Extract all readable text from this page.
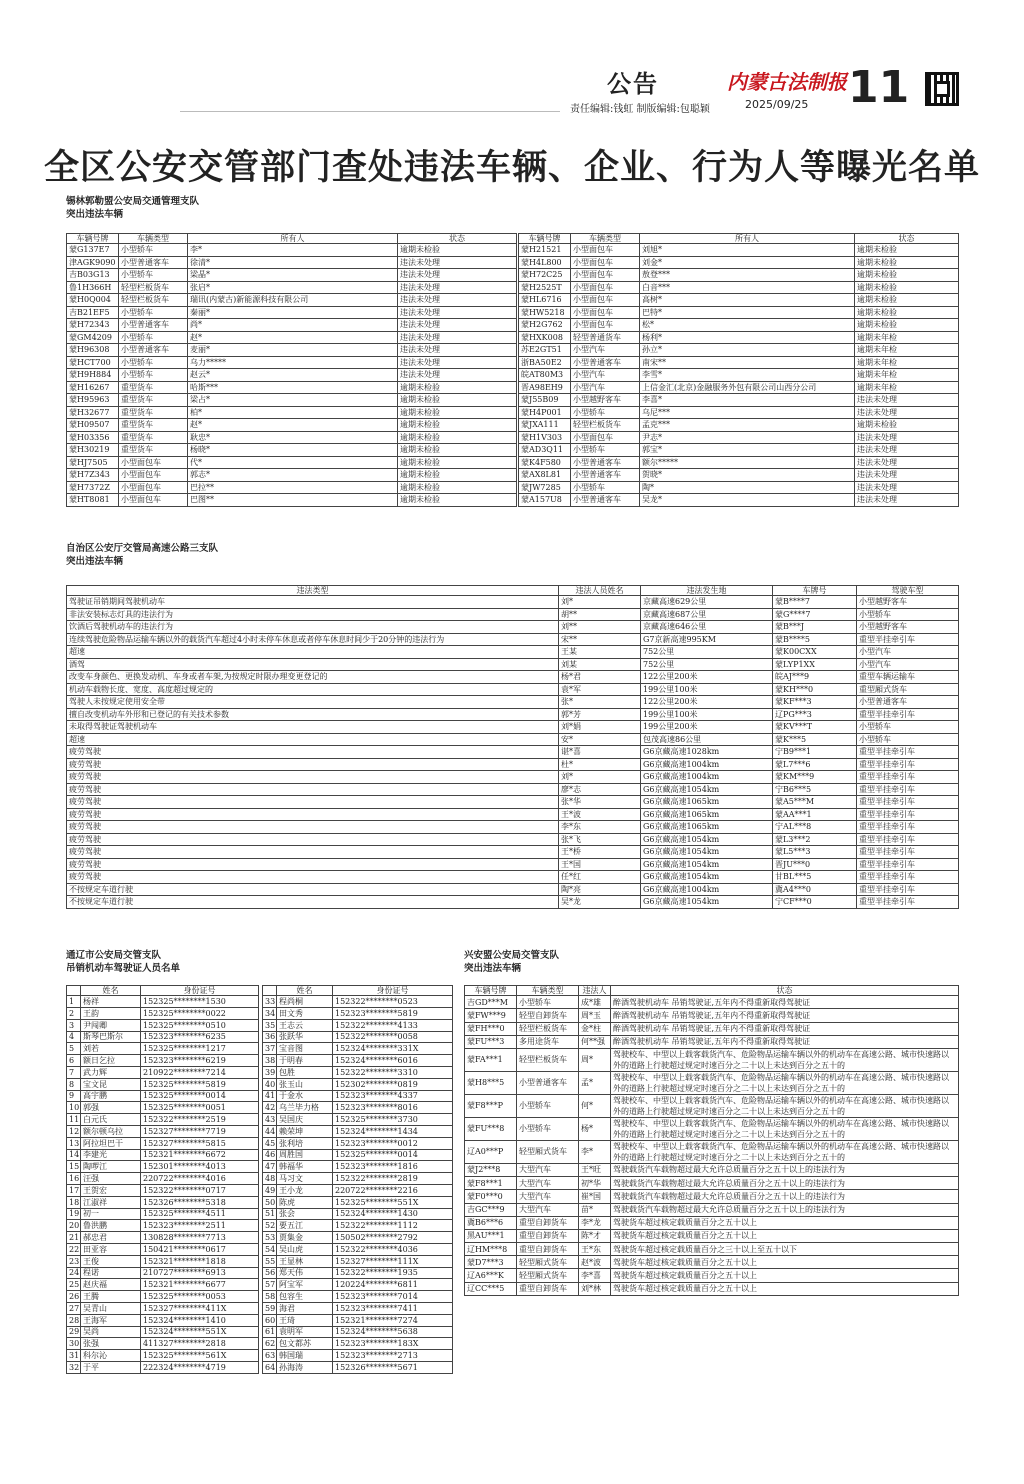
公告	内蒙古法制报 11
责任编辑:钱虹 制版编辑:包聪颖	2025/09/25
全区公安交管部门查处违法车辆、企业、行为人等曝光名单
锡林郭勒盟公安局交通管理支队
突出违法车辆
车辆号牌	车辆类型	所有人	状态
蒙G137E7	小型轿车	李*	逾期未检验
津AGK9090	小型普通客车	徐清*	违法未处理
吉B03G13	小型轿车	梁晶*	违法未处理
鲁1H366H	轻型栏板货车	张启*	违法未处理
蒙H0Q004	轻型栏板货车	瑞讯(内蒙古)新能源科技有限公司	违法未处理
吉B21EF5	小型轿车	秦丽*	违法未处理
蒙H72343	小型普通客车	尚*	违法未处理
蒙GM4209	小型轿车	赵*	违法未处理
蒙H96308	小型普通客车	麦丽*	违法未处理
蒙HCT700	小型轿车	乌力*****	违法未处理
蒙H9H884	小型轿车	赵云*	违法未处理
蒙H16267	重型货车	哈斯***	逾期未检验
蒙H95963	重型货车	梁占*	逾期未检验
蒙H32677	重型货车	柏*	逾期未检验
蒙H09507	重型货车	赵*	逾期未检验
蒙H03356	重型货车	耿忠*	逾期未检验
蒙H30219	重型货车	杨晓*	逾期未检验
蒙HJ7505	小型面包车	代*	逾期未检验
蒙H7Z343	小型面包车	郭志*	逾期未检验
蒙H7372Z	小型面包车	巴拉**	逾期未检验
蒙HT8081	小型面包车	巴图**	逾期未检验
车辆号牌	车辆类型	所有人	状态
蒙H21521	小型面包车	刘旭*	逾期未检验
蒙H4L800	小型面包车	刘金*	逾期未检验
蒙H72C25	小型面包车	敖登***	逾期未检验
蒙H2525T	小型面包车	白音***	逾期未检验
蒙HL6716	小型面包车	高树*	逾期未检验
蒙HW5218	小型面包车	巴特*	逾期未检验
蒙H2G762	小型面包车	松*	逾期未检验
蒙HXK008	轻型普通货车	杨利*	逾期未年检
苏E2GT51	小型汽车	孙立*	逾期未年检
浙BA50E2	小型普通客车	南宋**	逾期未年检
皖AT80M3	小型汽车	李雪*	逾期未年检
晋A98EH9	小型汽车	上信金汇(北京)金融服务外包有限公司山西分公司	逾期未年检
蒙J55B09	小型越野客车	李喜*	违法未处理
蒙H4P001	小型轿车	乌尼***	违法未处理
蒙JXA111	轻型栏板货车	孟克***	逾期未检验
蒙H1V303	小型面包车	尹志*	违法未处理
蒙AD3Q11	小型轿车	郭宝*	违法未处理
蒙K4F580	小型普通客车	额尔*****	违法未处理
蒙AX8L81	小型普通客车	贺晓*	违法未处理
蒙JW7285	小型轿车	陶*	违法未处理
蒙A157U8	小型普通客车	吴龙*	违法未处理
自治区公安厅交管局高速公路三支队
突出违法车辆
违法类型	违法人员姓名	违法发生地	车牌号	驾驶车型
驾驶证吊销期间驾驶机动车	刘*	京藏高速629公里	蒙B****7	小型越野客车
非法安装标志灯具的违法行为	胡**	京藏高速687公里	蒙G****7	小型轿车
饮酒后驾驶机动车的违法行为	刘**	京藏高速646公里	蒙B***J	小型越野客车
连续驾驶危险物品运输车辆以外的载货汽车超过4小时未停车休息或者停车休息时间少于20分钟的违法行为	宋**	G7京新高速995KM	蒙B****5	重型半挂牵引车
超速	王某	752公里	蒙K00CXX	小型汽车
酒驾	刘某	752公里	蒙LYP1XX	小型汽车
改变车身颜色、更换发动机、车身或者车架,为按规定时限办理变更登记的	杨*君	122公里200米	皖AJ***9	重型车辆运输车
机动车载物长度、宽度、高度超过规定的	袁*军	199公里100米	蒙KH***0	重型厢式货车
驾驶人未按规定使用安全带	张*	122公里200米	蒙KF***3	小型普通客车
擅自改变机动车外形和已登记的有关技术参数	郭*芳	199公里100米	辽PG***3	重型半挂牵引车
未取得驾驶证驾驶机动车	刘*娟	199公里200米	蒙KV***T	小型轿车
超速	安*	包茂高速86公里	蒙K***5	小型轿车
疲劳驾驶	谌*喜	G6京藏高速1028km	宁B9***1	重型半挂牵引车
疲劳驾驶	杜*	G6京藏高速1004km	蒙L7***6	重型半挂牵引车
疲劳驾驶	刘*	G6京藏高速1004km	蒙KM***9	重型半挂牵引车
疲劳驾驶	廖*志	G6京藏高速1054km	宁B6***5	重型半挂牵引车
疲劳驾驶	张*华	G6京藏高速1065km	蒙A5***M	重型半挂牵引车
疲劳驾驶	王*波	G6京藏高速1065km	蒙AA***1	重型半挂牵引车
疲劳驾驶	李*东	G6京藏高速1065km	宁AL***8	重型半挂牵引车
疲劳驾驶	张*飞	G6京藏高速1054km	蒙L3***2	重型半挂牵引车
疲劳驾驶	王*桥	G6京藏高速1054km	蒙L5***3	重型半挂牵引车
疲劳驾驶	王*国	G6京藏高速1054km	晋JU***0	重型半挂牵引车
疲劳驾驶	任*红	G6京藏高速1054km	甘BL***5	重型半挂牵引车
不按规定车道行驶	陶*亮	G6京藏高速1004km	冀A4***0	重型半挂牵引车
不按规定车道行驶	吴*龙	G6京藏高速1054km	宁CF***0	重型半挂牵引车
通辽市公安局交管支队
吊销机动车驾驶证人员名单
	姓名	身份证号
1	杨祥	152325********1530
2	王韵	152325********0022
3	尹闯卿	152325********0510
4	斯琴巴斯尔	152323********6235
5	刘若	152325********1217
6	额日乞拉	152323********6219
7	武力辉	210922********7214
8	宝文昆	152325********5819
9	高宇鹏	152325********0014
10	郭强	152325********0051
11	白元氏	152322********2519
12	额尔顿乌拉	152327********7719
13	阿拉坦巴干	152327********5815
14	李建光	152321********6672
15	陶啰江	152301********4013
16	汪强	220722********4016
17	王贺宏	152322********0717
18	江淑祥	152326********5318
19	初一	152325********4511
20	鲁洪鹏	152323********2511
21	郝忠君	130828********7713
22	田亚容	150421********0617
23	王俊	152321********1818
24	程诺	210727********6913
25	赵庆福	152321********6677
26	王腾	152325********0053
27	吴青山	152327********411X
28	王海军	152324********1410
29	吴尚	152324********551X
30	张强	411327********2818
31	科尔沁	152325********561X
32	于平	222324********4719
	姓名	身份证号
33	程尚桐	152322********0523
34	田文秀	152323********5819
35	王志云	152322********4133
36	张跃华	152322********0058
37	宝音图	152324********331X
38	于明春	152324********6016
39	包胜	152322********3310
40	张玉山	152302********0819
41	于金水	152323********4337
42	乌兰毕力格	152323********8016
43	吴国庆	152325********3730
44	赖荣坤	152324********1434
45	张利培	152323********0012
46	周胜国	152325********0014
47	韩福华	152323********1816
48	马习文	152322********2819
49	王小龙	220722********2216
50	陈虎	152325********551X
51	张会	152324********1430
52	要五江	152322********1112
53	贾集金	150502********2792
54	吴山虎	152322********4036
55	王显林	152327********111X
56	郑天伟	152322********1935
57	阿宝军	120224********6811
58	包容生	152323********7014
59	海君	152323********7411
60	王琦	152321********7274
61	袁明军	152324********5638
62	包文都苏	152323********183X
63	韩国瑞	152323********2713
64	孙海涛	152326********5671
兴安盟公安局交管支队
突出违法车辆
车辆号牌	车辆类型	违法人	状态
吉GD***M	小型轿车	成*雄	醉酒驾驶机动车 吊销驾驶证,五年内不得重新取得驾驶证
蒙FW***9	轻型自卸货车	周*玉	醉酒驾驶机动车 吊销驾驶证,五年内不得重新取得驾驶证
蒙FH***0	轻型栏板货车	金*柱	醉酒驾驶机动车 吊销驾驶证,五年内不得重新取得驾驶证
蒙FU***3	多用途货车	何**强	醉酒驾驶机动车 吊销驾驶证,五年内不得重新取得驾驶证
蒙FA***1	轻型栏板货车	周*	驾驶校车、中型以上载客载货汽车、危险物品运输车辆以外的机动车在高速公路、城市快速路以外的道路上行驶超过规定时速百分之二十以上未达到百分之五十的
蒙H8***5	小型普通客车	孟*	驾驶校车、中型以上载客载货汽车、危险物品运输车辆以外的机动车在高速公路、城市快速路以外的道路上行驶超过规定时速百分之二十以上未达到百分之五十的
蒙F8***P	小型轿车	何*	驾驶校车、中型以上载客载货汽车、危险物品运输车辆以外的机动车在高速公路、城市快速路以外的道路上行驶超过规定时速百分之二十以上未达到百分之五十的
蒙FU***8	小型轿车	杨*	驾驶校车、中型以上载客载货汽车、危险物品运输车辆以外的机动车在高速公路、城市快速路以外的道路上行驶超过规定时速百分之二十以上未达到百分之五十的
辽A0***P	轻型厢式货车	李*	驾驶校车、中型以上载客载货汽车、危险物品运输车辆以外的机动车在高速公路、城市快速路以外的道路上行驶超过规定时速百分之二十以上未达到百分之五十的
蒙J2***8	大型汽车	王*旺	驾驶载货汽车载物超过最大允许总质量百分之五十以上的违法行为
蒙F8***1	大型汽车	初*华	驾驶载货汽车载物超过最大允许总质量百分之五十以上的违法行为
蒙F0***0	大型汽车	崔*国	驾驶载货汽车载物超过最大允许总质量百分之五十以上的违法行为
吉GC***9	大型汽车	苗*	驾驶载货汽车载物超过最大允许总质量百分之五十以上的违法行为
冀B6***6	重型自卸货车	李*龙	驾驶货车超过核定载质量百分之五十以上
黑AU***1	重型自卸货车	陈*才	驾驶货车超过核定载质量百分之五十以上
辽HM***8	重型自卸货车	王*东	驾驶货车超过核定载质量百分之三十以上至五十以下
蒙D7***3	轻型厢式货车	赵*波	驾驶货车超过核定载质量百分之五十以上
辽A6***K	轻型厢式货车	李*喜	驾驶货车超过核定载质量百分之五十以上
辽CC***5	重型自卸货车	刘*林	驾驶货车超过核定载质量百分之五十以上
